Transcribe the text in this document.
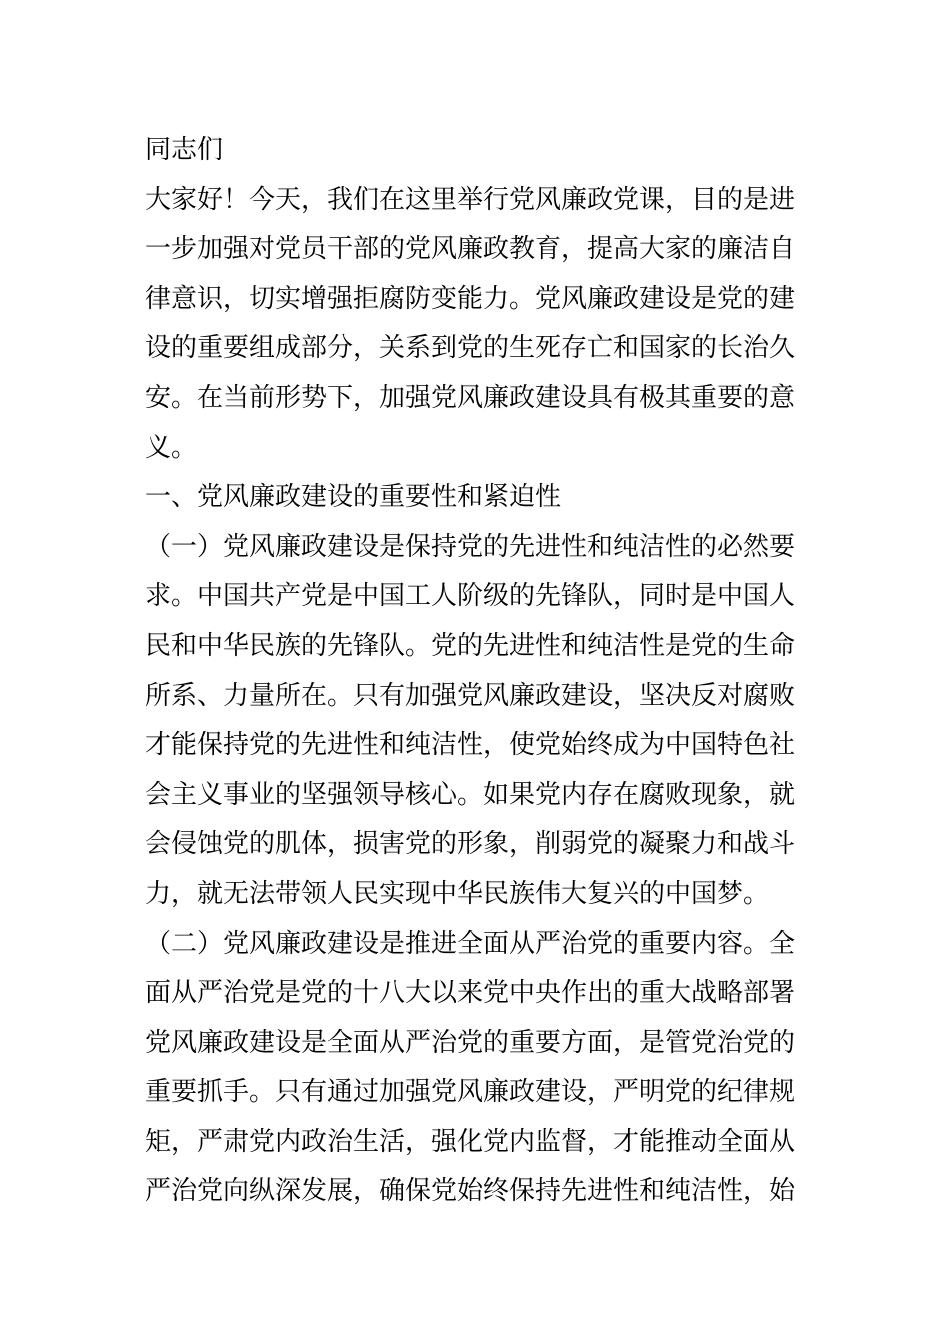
同志们
大家好！今天，我们在这里举行党风廉政党课，目的是进
一步加强对党员干部的党风廉政教育，提高大家的廉洁自
律意识，切实增强拒腐防变能力。党风廉政建设是党的建
设的重要组成部分，关系到党的生死存亡和国家的长治久
安。在当前形势下，加强党风廉政建设具有极其重要的意
义。
一、党风廉政建设的重要性和紧迫性
（一）党风廉政建设是保持党的先进性和纯洁性的必然要
求。中国共产党是中国工人阶级的先锋队，同时是中国人
民和中华民族的先锋队。党的先进性和纯洁性是党的生命
所系、力量所在。只有加强党风廉政建设，坚决反对腐败
才能保持党的先进性和纯洁性，使党始终成为中国特色社
会主义事业的坚强领导核心。如果党内存在腐败现象，就
会侵蚀党的肌体，损害党的形象，削弱党的凝聚力和战斗
力，就无法带领人民实现中华民族伟大复兴的中国梦。
（二）党风廉政建设是推进全面从严治党的重要内容。全
面从严治党是党的十八大以来党中央作出的重大战略部署
党风廉政建设是全面从严治党的重要方面，是管党治党的
重要抓手。只有通过加强党风廉政建设，严明党的纪律规
矩，严肃党内政治生活，强化党内监督，才能推动全面从
严治党向纵深发展，确保党始终保持先进性和纯洁性，始
